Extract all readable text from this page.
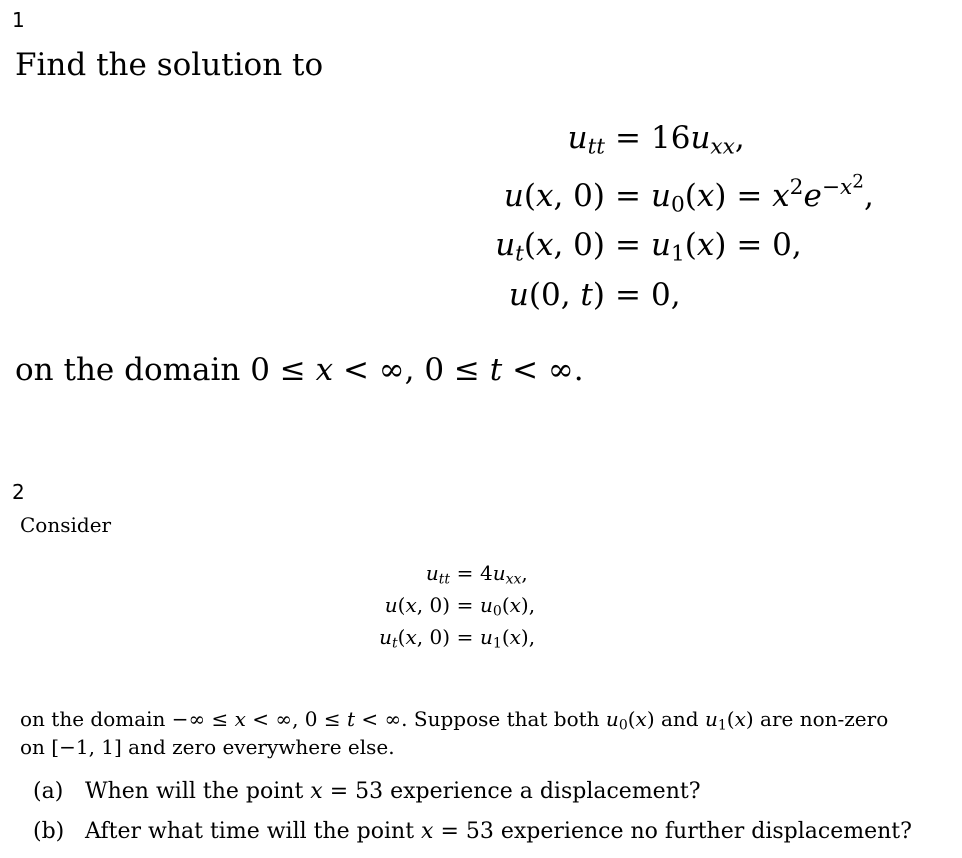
1
Find the solution to
$u_{tt} = 16u_{xx}$,
u(x, $0) = u_0(x) = x^2e^{-x^2}$,
$u_t(x$, $0) = u_1(x) = 0$,
u(0, t) = 0,
on the domain 0 ≤ x < ∞, 0 ≤ t < ∞.
2
Consider
$u_{tt} = 4u_{xx}$,
u(x, $0) = u_0(x)$,
$u_t(x$, $0) = u_1(x)$,
on the domain −∞ ≤ x < ∞, 0 ≤ t < ∞. Suppose that both $u_0(x)$ and $u_1(x)$ are non-zero
on [−1, 1] and zero everywhere else.
(a) When will the point x = 53 experience a displacement?
(b) After what time will the point x = 53 experience no further displacement?
